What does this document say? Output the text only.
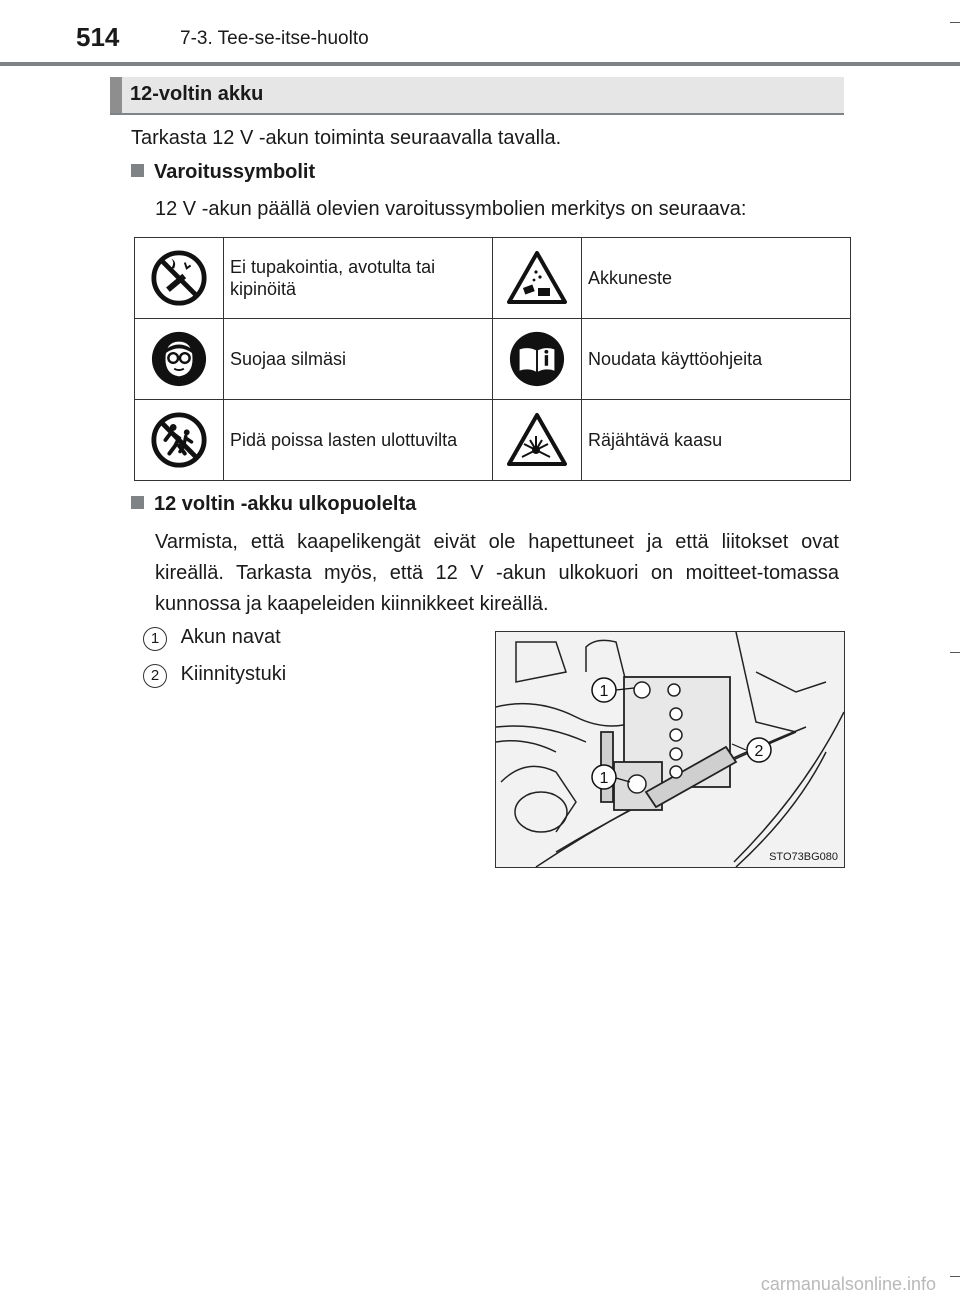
514	7-3. Tee-se-itse-huolto
12-voltin akku
Tarkasta 12 V -akun toiminta seuraavalla tavalla.
Varoitussymbolit
12 V -akun päällä olevien varoitussymbolien merkitys on seuraava:
	Ei tupakointia, avotulta tai kipinöitä		Akkuneste

	Suojaa silmäsi		Noudata käyttöohjeita

	Pidä poissa lasten ulottuvilta		Räjähtävä kaasu
12 voltin -akku ulkopuolelta
Varmista, että kaapelikengät eivät ole hapettuneet ja että liitokset ovat kireällä. Tarkasta myös, että 12 V -akun ulkokuori on moitteet-tomassa kunnossa ja kaapeleiden kiinnikkeet kireällä.
1 Akun navat
2 Kiinnitystuki
1
2
1
STO73BG080
carmanualsonline.info
